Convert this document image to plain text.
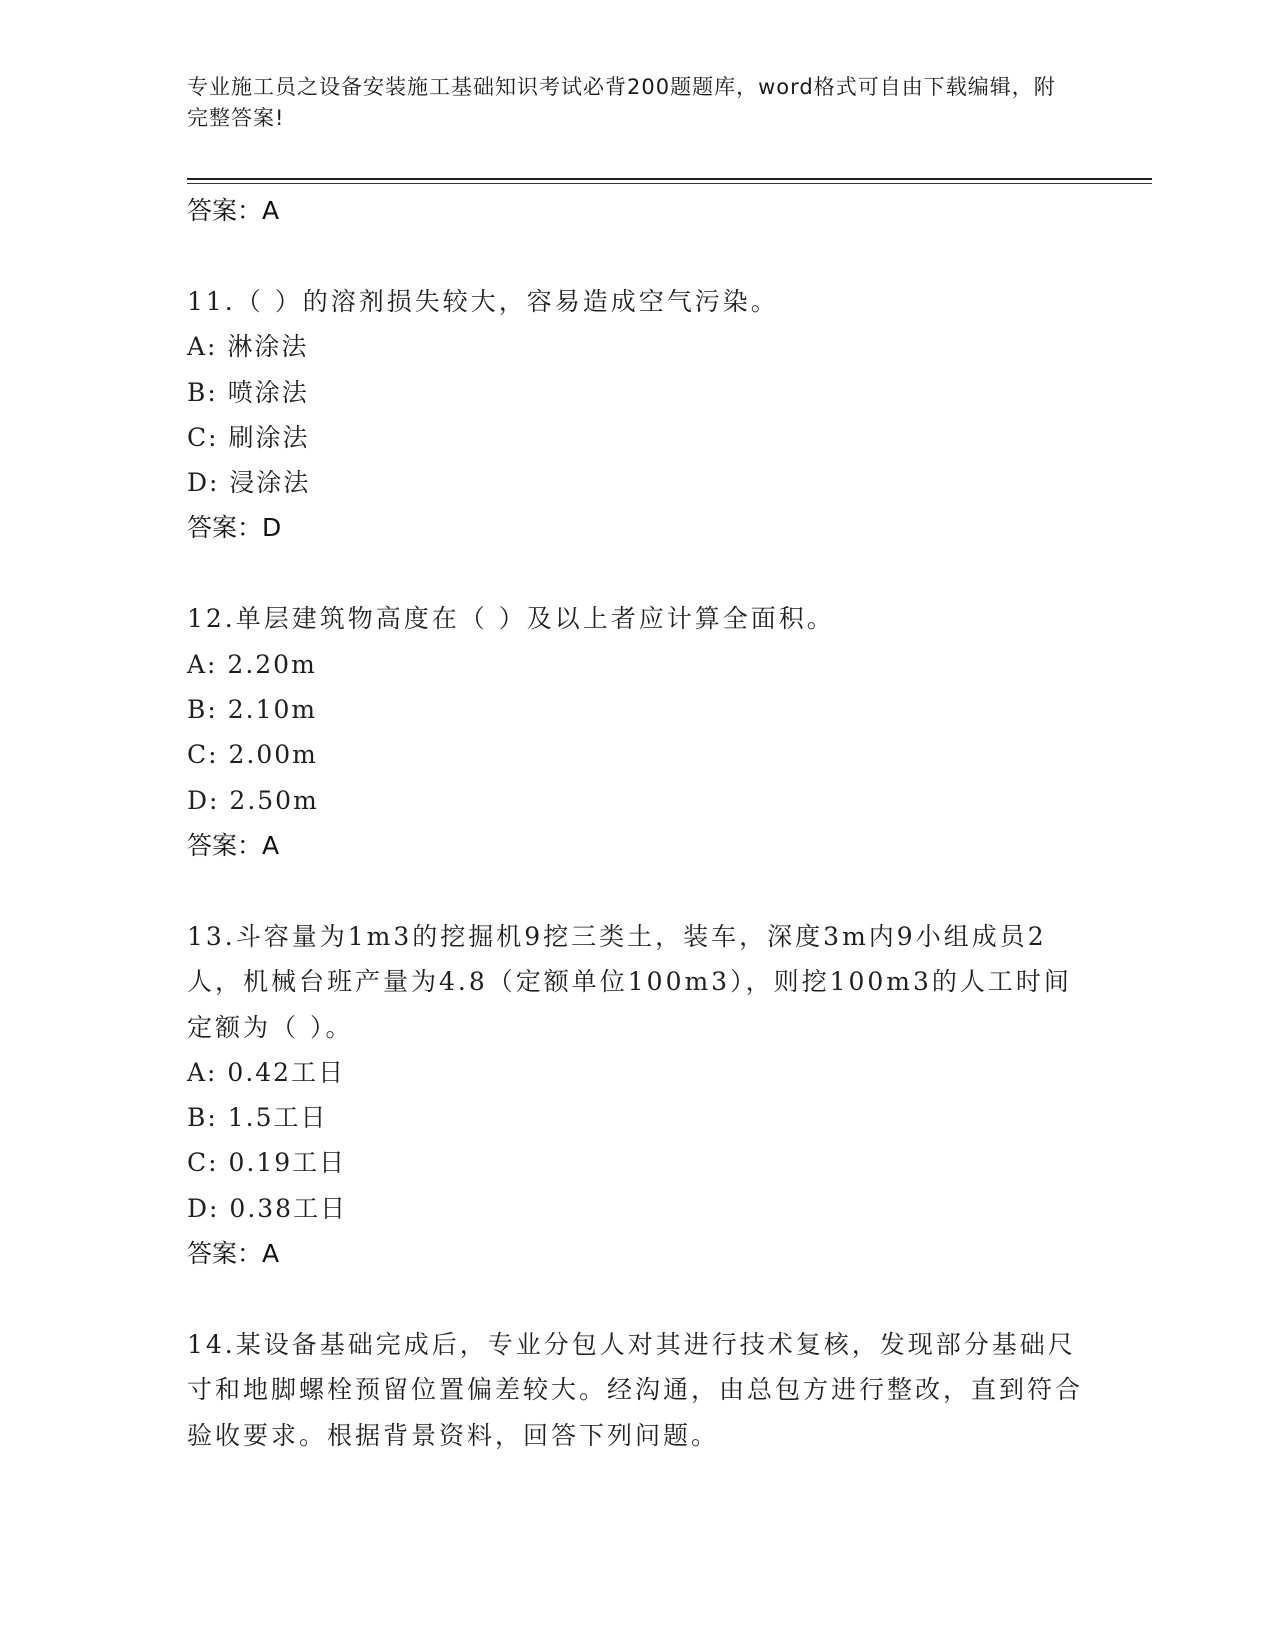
专业施工员之设备安装施工基础知识考试必背200题题库，word格式可自由下载编辑，附完整答案!
答案：A
11.（ ）的溶剂损失较大，容易造成空气污染。
A: 淋涂法
B: 喷涂法
C: 刷涂法
D: 浸涂法
答案：D
12.单层建筑物高度在（ ）及以上者应计算全面积。
A: 2.20m
B: 2.10m
C: 2.00m
D: 2.50m
答案：A
13.斗容量为1m3的挖掘机9挖三类土，装车，深度3m内9小组成员2人，机械台班产量为4.8（定额单位100m3），则挖100m3的人工时间定额为（ ）。
A: 0.42工日
B: 1.5工日
C: 0.19工日
D: 0.38工日
答案：A
14.某设备基础完成后，专业分包人对其进行技术复核，发现部分基础尺寸和地脚螺栓预留位置偏差较大。经沟通，由总包方进行整改，直到符合验收要求。根据背景资料，回答下列问题。
